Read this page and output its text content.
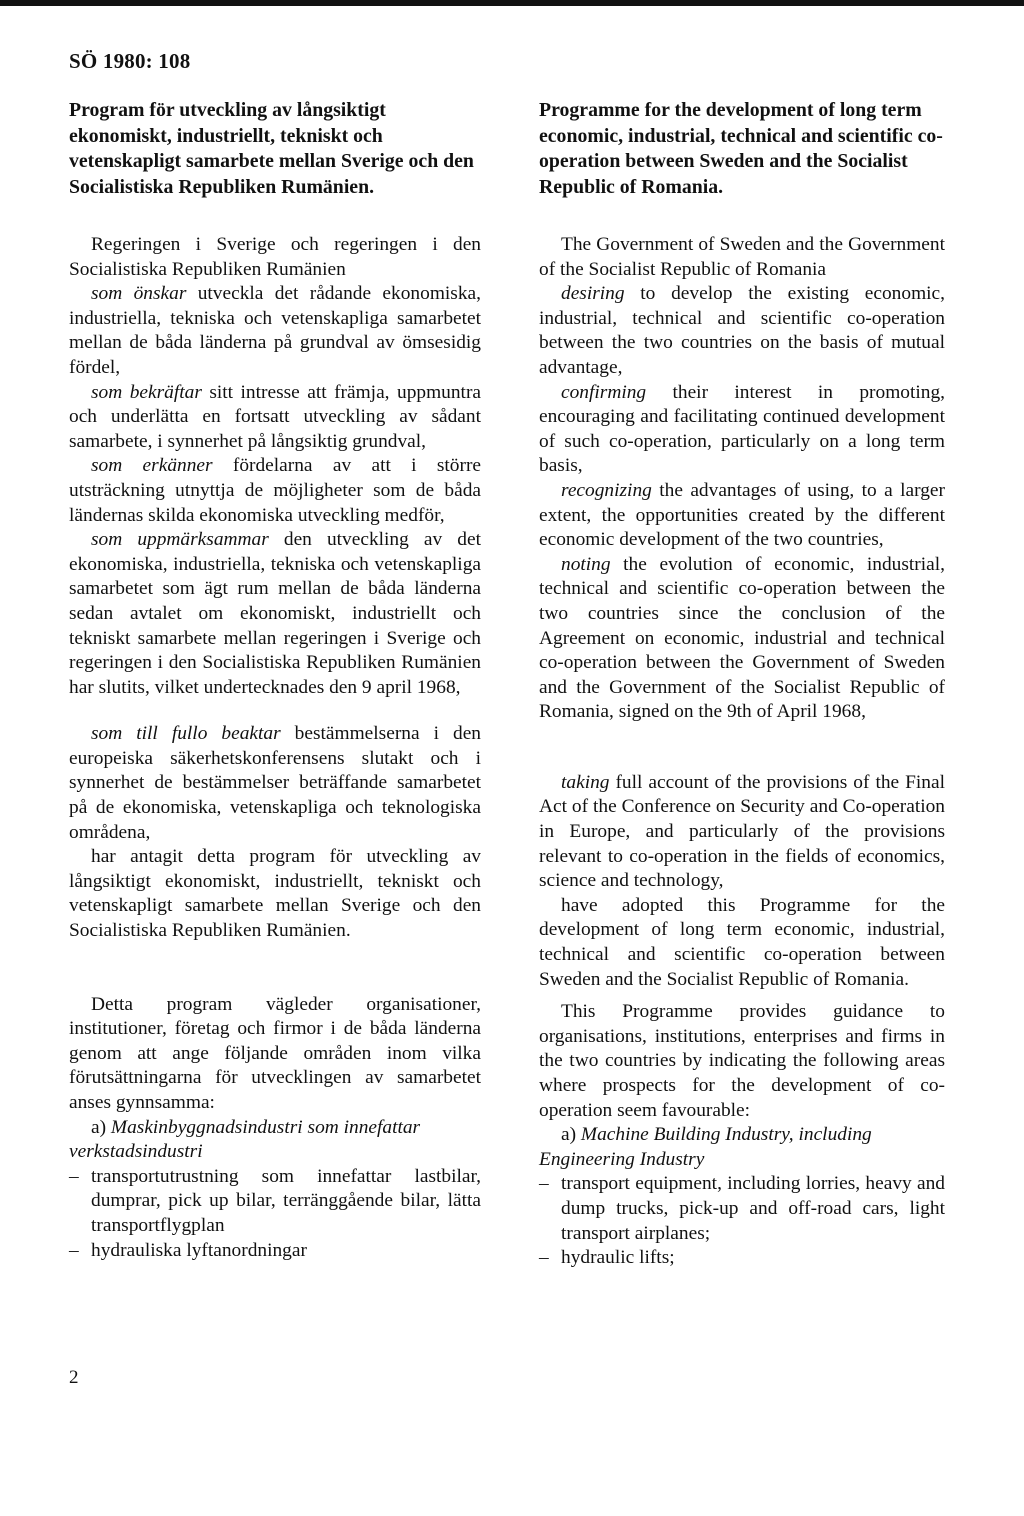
SÖ 1980: 108

Program för utveckling av långsiktigt ekonomiskt, industriellt, tekniskt och vetenskapligt samarbete mellan Sverige och den Socialistiska Republiken Rumänien.

Regeringen i Sverige och regeringen i den Socialistiska Republiken Rumänien

som önskar utveckla det rådande ekonomiska, industriella, tekniska och vetenskapliga samarbetet mellan de båda länderna på grundval av ömsesidig fördel,

som bekräftar sitt intresse att främja, uppmuntra och underlätta en fortsatt utveckling av sådant samarbete, i synnerhet på långsiktig grundval,

som erkänner fördelarna av att i större utsträckning utnyttja de möjligheter som de båda ländernas skilda ekonomiska utveckling medför,

som uppmärksammar den utveckling av det ekonomiska, industriella, tekniska och vetenskapliga samarbetet som ägt rum mellan de båda länderna sedan avtalet om ekonomiskt, industriellt och tekniskt samarbete mellan regeringen i Sverige och regeringen i den Socialistiska Republiken Rumänien har slutits, vilket undertecknades den 9 april 1968,

som till fullo beaktar bestämmelserna i den europeiska säkerhetskonferensens slutakt och i synnerhet de bestämmelser beträffande samarbetet på de ekonomiska, vetenskapliga och teknologiska områdena,

har antagit detta program för utveckling av långsiktigt ekonomiskt, industriellt, tekniskt och vetenskapligt samarbete mellan Sverige och den Socialistiska Republiken Rumänien.

Detta program vägleder organisationer, institutioner, företag och firmor i de båda länderna genom att ange följande områden inom vilka förutsättningarna för utvecklingen av samarbetet anses gynnsamma:

a) Maskinbyggnadsindustri som innefattar verkstadsindustri

– transportutrustning som innefattar lastbilar, dumprar, pick up bilar, terränggående bilar, lätta transportflygplan
– hydrauliska lyftanordningar

Programme for the development of long term economic, industrial, technical and scientific co-operation between Sweden and the Socialist Republic of Romania.

The Government of Sweden and the Government of the Socialist Republic of Romania

desiring to develop the existing economic, industrial, technical and scientific co-operation between the two countries on the basis of mutual advantage,

confirming their interest in promoting, encouraging and facilitating continued development of such co-operation, particularly on a long term basis,

recognizing the advantages of using, to a larger extent, the opportunities created by the different economic development of the two countries,

noting the evolution of economic, industrial, technical and scientific co-operation between the two countries since the conclusion of the Agreement on economic, industrial and technical co-operation between the Government of Sweden and the Government of the Socialist Republic of Romania, signed on the 9th of April 1968,

taking full account of the provisions of the Final Act of the Conference on Security and Co-operation in Europe, and particularly of the provisions relevant to co-operation in the fields of economics, science and technology,

have adopted this Programme for the development of long term economic, industrial, technical and scientific co-operation between Sweden and the Socialist Republic of Romania.

This Programme provides guidance to organisations, institutions, enterprises and firms in the two countries by indicating the following areas where prospects for the development of co-operation seem favourable:

a) Machine Building Industry, including Engineering Industry

– transport equipment, including lorries, heavy and dump trucks, pick-up and off-road cars, light transport airplanes;
– hydraulic lifts;
2
